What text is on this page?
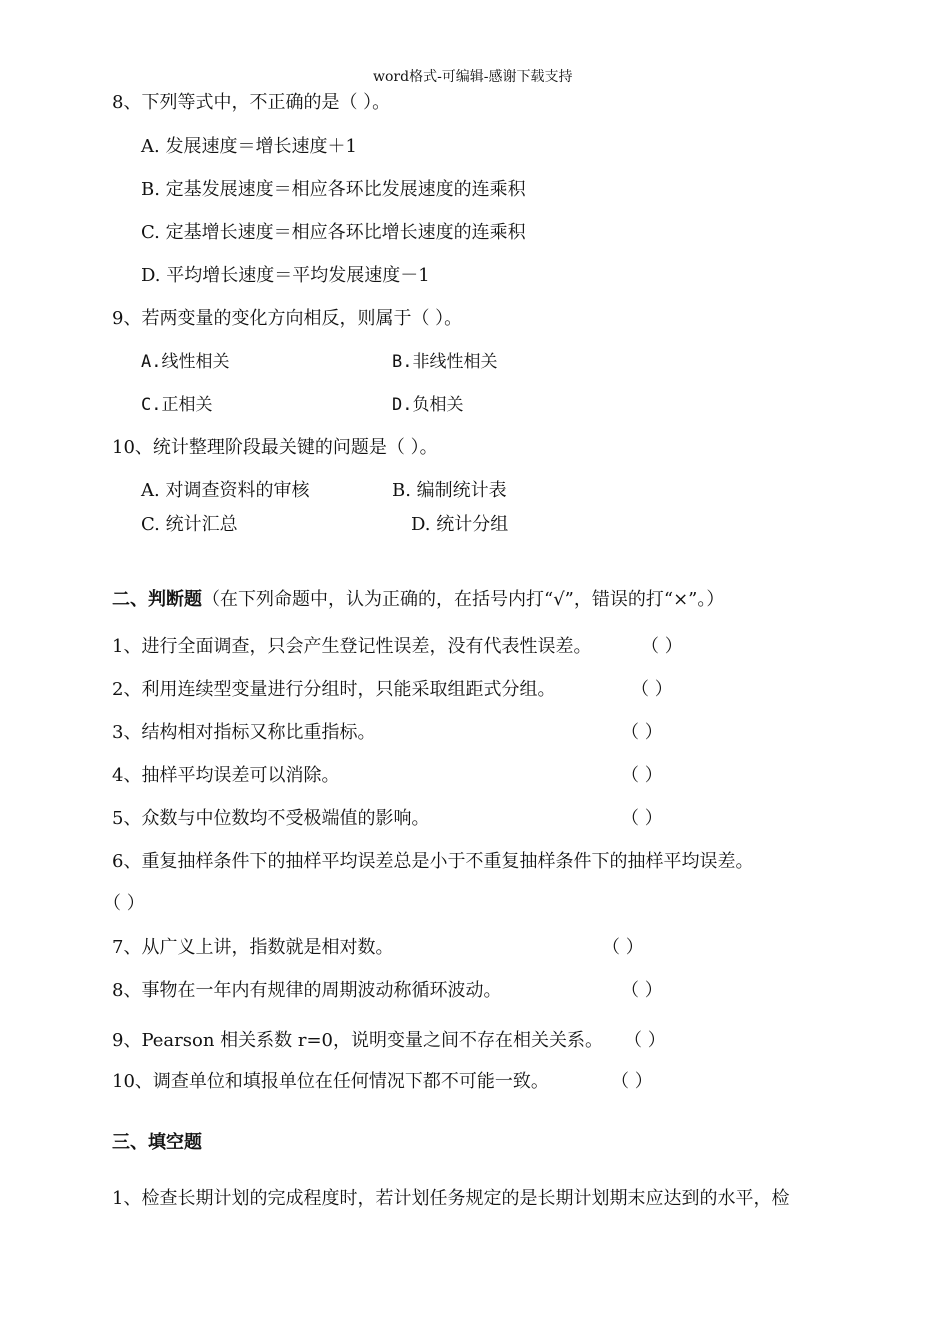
word格式-可编辑-感谢下载支持
8、下列等式中，不正确的是（ ）。
A. 发展速度＝增长速度＋1
B. 定基发展速度＝相应各环比发展速度的连乘积
C. 定基增长速度＝相应各环比增长速度的连乘积
D. 平均增长速度＝平均发展速度－1
9、若两变量的变化方向相反，则属于（ ）。
A.线性相关	B.非线性相关
C.正相关	D.负相关
10、统计整理阶段最关键的问题是（ ）。
A. 对调查资料的审核	B. 编制统计表
C. 统计汇总	D. 统计分组
二、判断题（在下列命题中，认为正确的，在括号内打“√”，错误的打“×”。）
1、进行全面调查，只会产生登记性误差，没有代表性误差。	（ ）
2、利用连续型变量进行分组时，只能采取组距式分组。	（ ）
3、结构相对指标又称比重指标。	（ ）
4、抽样平均误差可以消除。	（ ）
5、众数与中位数均不受极端值的影响。	（ ）
6、重复抽样条件下的抽样平均误差总是小于不重复抽样条件下的抽样平均误差。
（ ）
7、从广义上讲，指数就是相对数。	（ ）
8、事物在一年内有规律的周期波动称循环波动。	（ ）
9、Pearson 相关系数 r=0，说明变量之间不存在相关关系。 （ ）
10、调查单位和填报单位在任何情况下都不可能一致。	（ ）
三、填空题
1、检查长期计划的完成程度时，若计划任务规定的是长期计划期末应达到的水平，检
